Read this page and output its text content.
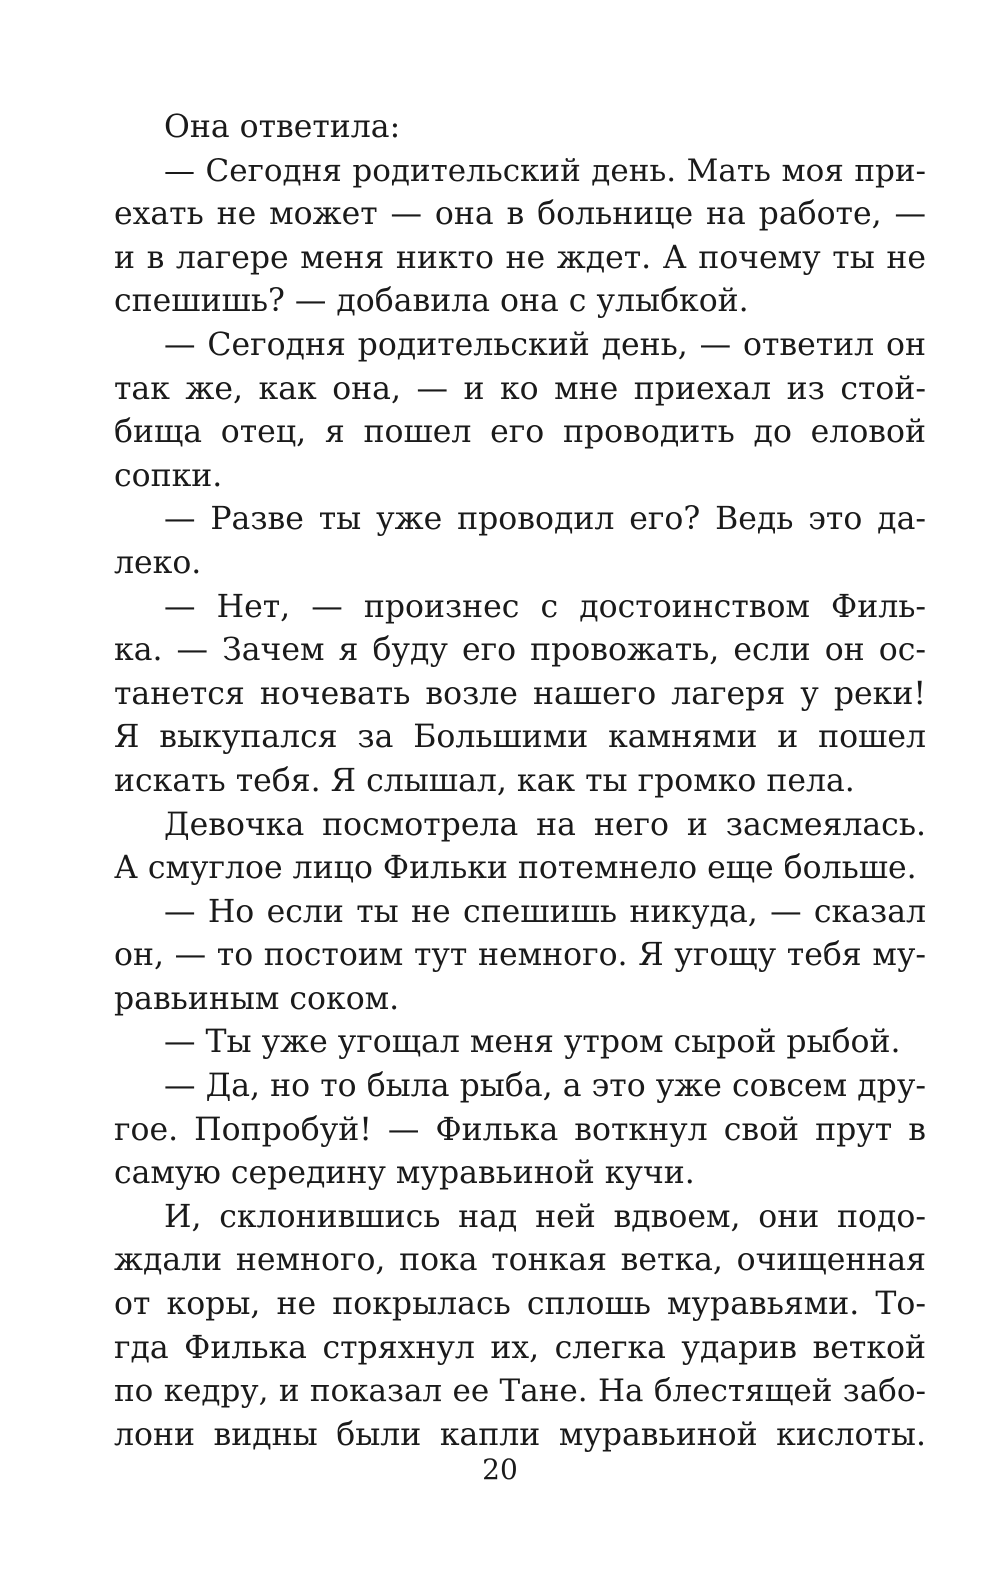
Она ответила:
— Сегодня родительский день. Мать моя при-
ехать не может — она в больнице на работе, —
и в лагере меня никто не ждет. А почему ты не
спешишь? — добавила она с улыбкой.
— Сегодня родительский день, — ответил он
так же, как она, — и ко мне приехал из стой-
бища отец, я пошел его проводить до еловой
сопки.
— Разве ты уже проводил его? Ведь это да-
леко.
— Нет, — произнес с достоинством Филь-
ка. — Зачем я буду его провожать, если он ос-
танется ночевать возле нашего лагеря у реки!
Я выкупался за Большими камнями и пошел
искать тебя. Я слышал, как ты громко пела.
Девочка посмотрела на него и засмеялась.
А смуглое лицо Фильки потемнело еще больше.
— Но если ты не спешишь никуда, — сказал
он, — то постоим тут немного. Я угощу тебя му-
равьиным соком.
— Ты уже угощал меня утром сырой рыбой.
— Да, но то была рыба, а это уже совсем дру-
гое. Попробуй! — Филька воткнул свой прут в
самую середину муравьиной кучи.
И, склонившись над ней вдвоем, они подо-
ждали немного, пока тонкая ветка, очищенная
от коры, не покрылась сплошь муравьями. То-
гда Филька стряхнул их, слегка ударив веткой
по кедру, и показал ее Тане. На блестящей забо-
лони видны были капли муравьиной кислоты.
20
